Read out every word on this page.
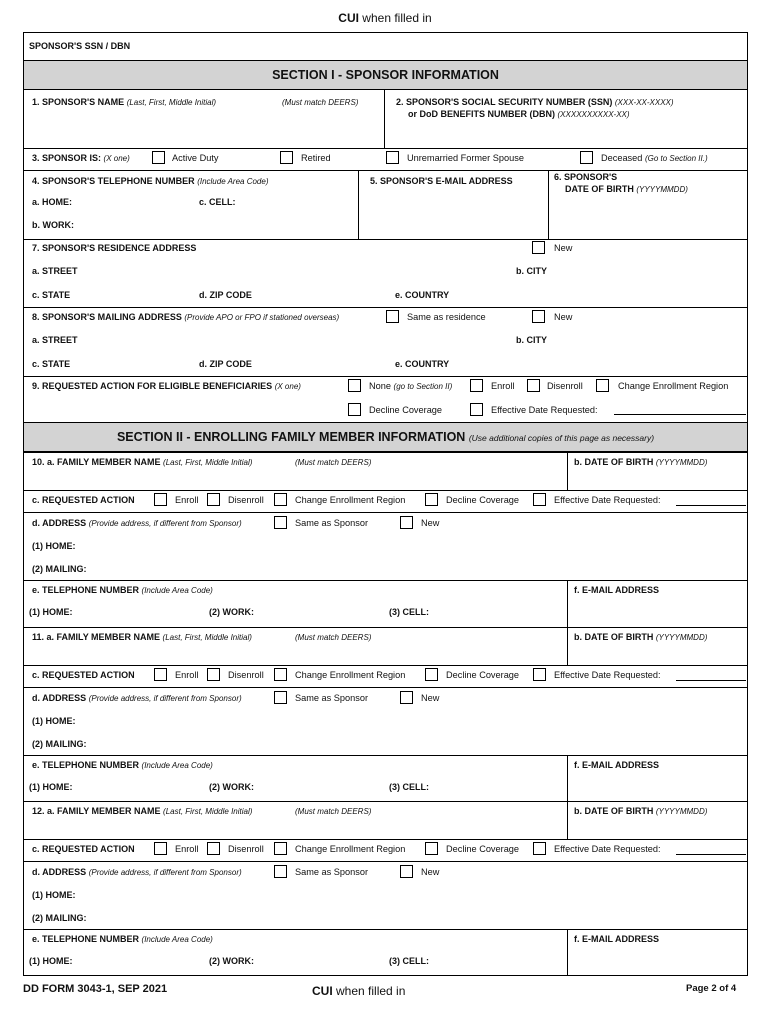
CUI when filled in
SPONSOR'S SSN / DBN
SECTION I - SPONSOR INFORMATION
1. SPONSOR'S NAME (Last, First, Middle Initial)	(Must match DEERS)	2. SPONSOR'S SOCIAL SECURITY NUMBER (SSN) (XXX-XX-XXXX)
or DoD BENEFITS NUMBER (DBN) (XXXXXXXXXX-XX)
3. SPONSOR IS: (X one)	Active Duty	Retired	Unremarried Former Spouse	Deceased (Go to Section II.)
4. SPONSOR'S TELEPHONE NUMBER (Include Area Code)
a. HOME:	c. CELL:
b. WORK:
5. SPONSOR'S E-MAIL ADDRESS	6. SPONSOR'S
DATE OF BIRTH (YYYYMMDD)
7. SPONSOR'S RESIDENCE ADDRESS	New
a. STREET	b. CITY
c. STATE	d. ZIP CODE	e. COUNTRY
8. SPONSOR'S MAILING ADDRESS (Provide APO or FPO if stationed overseas)	Same as residence	New
a. STREET	b. CITY
c. STATE	d. ZIP CODE	e. COUNTRY
9. REQUESTED ACTION FOR ELIGIBLE BENEFICIARIES (X one)	None (go to Section II)	Enroll	Disenroll	Change Enrollment Region
Decline Coverage	Effective Date Requested:
SECTION II - ENROLLING FAMILY MEMBER INFORMATION (Use additional copies of this page as necessary)
10. a. FAMILY MEMBER NAME (Last, First, Middle Initial)	(Must match DEERS)	b. DATE OF BIRTH (YYYYMMDD)
c. REQUESTED ACTION	Enroll	Disenroll	Change Enrollment Region	Decline Coverage	Effective Date Requested:
d. ADDRESS (Provide address, if different from Sponsor)	Same as Sponsor	New
(1) HOME:
(2) MAILING:
e. TELEPHONE NUMBER (Include Area Code)	f. E-MAIL ADDRESS
(1) HOME:	(2) WORK:	(3) CELL:
11. a. FAMILY MEMBER NAME (Last, First, Middle Initial)	(Must match DEERS)	b. DATE OF BIRTH (YYYYMMDD)
c. REQUESTED ACTION	Enroll	Disenroll	Change Enrollment Region	Decline Coverage	Effective Date Requested:
d. ADDRESS (Provide address, if different from Sponsor)	Same as Sponsor	New
(1) HOME:
(2) MAILING:
e. TELEPHONE NUMBER (Include Area Code)	f. E-MAIL ADDRESS
(1) HOME:	(2) WORK:	(3) CELL:
12. a. FAMILY MEMBER NAME (Last, First, Middle Initial)	(Must match DEERS)	b. DATE OF BIRTH (YYYYMMDD)
c. REQUESTED ACTION	Enroll	Disenroll	Change Enrollment Region	Decline Coverage	Effective Date Requested:
d. ADDRESS (Provide address, if different from Sponsor)	Same as Sponsor	New
(1) HOME:
(2) MAILING:
e. TELEPHONE NUMBER (Include Area Code)	f. E-MAIL ADDRESS
(1) HOME:	(2) WORK:	(3) CELL:
DD FORM 3043-1, SEP 2021	CUI when filled in	Page 2 of 4
